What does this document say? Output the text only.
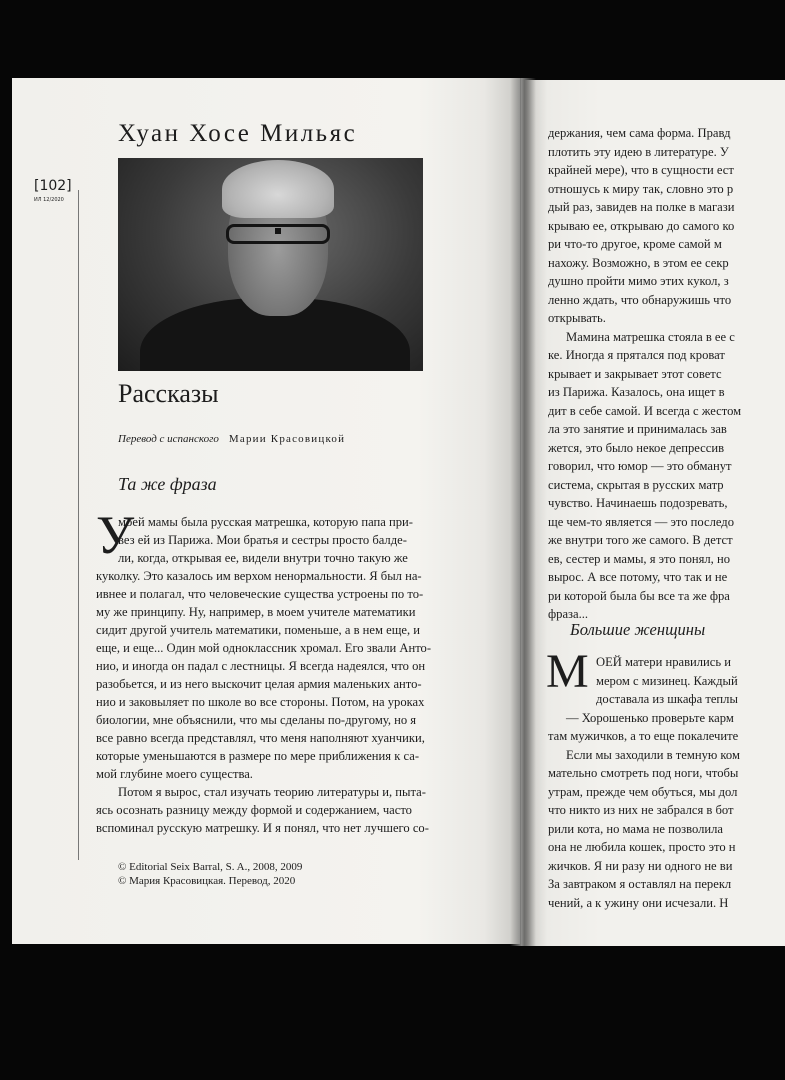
[102]
ИЛ 12/2020
Хуан Хосе Мильяс
Рассказы
Перевод с испанского Марии Красовицкой
Та же фраза
У
моей мамы была русская матрешка, которую папа при-
вез ей из Парижа. Мои братья и сестры просто балде-
ли, когда, открывая ее, видели внутри точно такую же
куколку. Это казалось им верхом ненормальности. Я был на-
ивнее и полагал, что человеческие существа устроены по то-
му же принципу. Ну, например, в моем учителе математики
сидит другой учитель математики, поменьше, а в нем еще, и
еще, и еще... Один мой одноклассник хромал. Его звали Анто-
нио, и иногда он падал с лестницы. Я всегда надеялся, что он
разобьется, и из него выскочит целая армия маленьких анто-
нио и заковыляет по школе во все стороны. Потом, на уроках
биологии, мне объяснили, что мы сделаны по-другому, но я
все равно всегда представлял, что меня наполняют хуанчики,
которые уменьшаются в размере по мере приближения к са-
мой глубине моего существа.
Потом я вырос, стал изучать теорию литературы и, пыта-
ясь осознать разницу между формой и содержанием, часто
вспоминал русскую матрешку. И я понял, что нет лучшего со-
© Editorial Seix Barral, S. A., 2008, 2009
© Мария Красовицкая. Перевод, 2020
держания, чем сама форма. Правд
плотить эту идею в литературе. У
крайней мере), что в сущности ест
отношусь к миру так, словно это р
дый раз, завидев на полке в магази
крываю ее, открываю до самого ко
ри что-то другое, кроме самой м
нахожу. Возможно, в этом ее секр
душно пройти мимо этих кукол, з
ленно ждать, что обнаружишь что
открывать.
Мамина матрешка стояла в ее с
ке. Иногда я прятался под кроват
крывает и закрывает этот советс
из Парижа. Казалось, она ищет в
дит в себе самой. И всегда с жестом
ла это занятие и принималась зав
жется, это было некое депрессив
говорил, что юмор — это обманут
система, скрытая в русских матр
чувство. Начинаешь подозревать,
ще чем-то является — это последо
же внутри того же самого. В детст
ев, сестер и мамы, я это понял, но
вырос. А все потому, что так и не
ри которой была бы все та же фра
фраза...
Большие женщины
М ОЕЙ матери нравились и
мером с мизинец. Каждый
доставала из шкафа теплы
— Хорошенько проверьте карм
там мужичков, а то еще покалечите
Если мы заходили в темную ком
мательно смотреть под ноги, чтобы
утрам, прежде чем обуться, мы дол
что никто из них не забрался в бот
рили кота, но мама не позволила
она не любила кошек, просто это н
жичков. Я ни разу ни одного не ви
За завтраком я оставлял на перекл
чений, а к ужину они исчезали. Н
